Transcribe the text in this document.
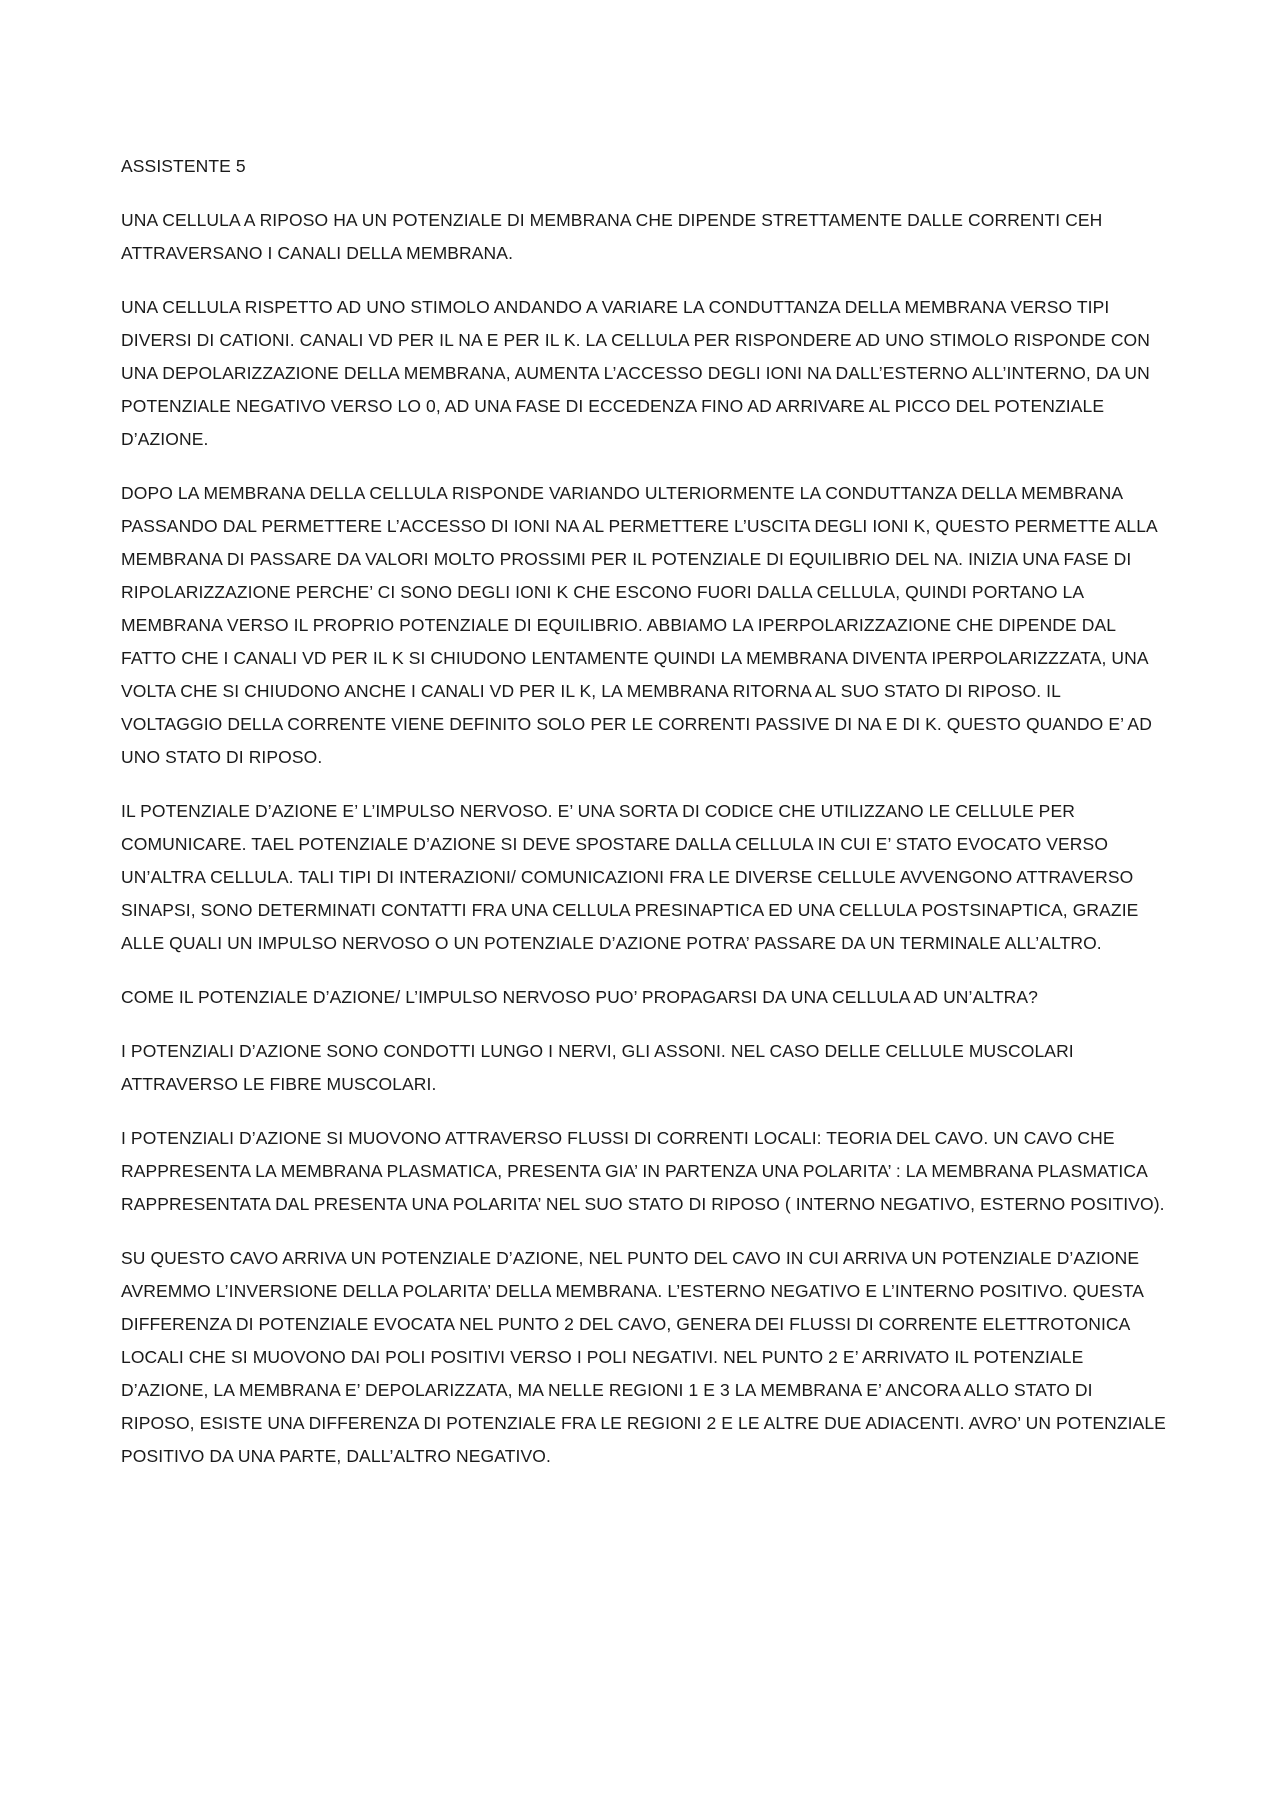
ASSISTENTE 5

UNA CELLULA A RIPOSO HA UN POTENZIALE DI MEMBRANA CHE DIPENDE STRETTAMENTE DALLE CORRENTI CEH ATTRAVERSANO I CANALI DELLA MEMBRANA.

UNA CELLULA RISPETTO AD UNO STIMOLO ANDANDO A VARIARE LA CONDUTTANZA DELLA MEMBRANA VERSO TIPI DIVERSI DI CATIONI. CANALI VD PER IL NA E PER IL K. LA CELLULA PER RISPONDERE AD UNO STIMOLO RISPONDE CON UNA DEPOLARIZZAZIONE DELLA MEMBRANA, AUMENTA L’ACCESSO DEGLI IONI NA DALL’ESTERNO ALL’INTERNO, DA UN POTENZIALE NEGATIVO VERSO LO 0, AD UNA FASE DI ECCEDENZA FINO AD ARRIVARE AL PICCO DEL POTENZIALE D’AZIONE.

DOPO LA MEMBRANA DELLA CELLULA RISPONDE VARIANDO ULTERIORMENTE LA CONDUTTANZA DELLA MEMBRANA PASSANDO DAL PERMETTERE L’ACCESSO DI IONI NA AL PERMETTERE L’USCITA DEGLI IONI K, QUESTO PERMETTE ALLA MEMBRANA DI PASSARE DA VALORI MOLTO PROSSIMI PER IL POTENZIALE DI EQUILIBRIO DEL NA. INIZIA UNA FASE DI RIPOLARIZZAZIONE PERCHE’ CI SONO DEGLI IONI K CHE ESCONO FUORI DALLA CELLULA, QUINDI PORTANO LA MEMBRANA VERSO IL PROPRIO POTENZIALE DI EQUILIBRIO. ABBIAMO LA IPERPOLARIZZAZIONE CHE DIPENDE DAL FATTO CHE I CANALI VD PER IL K SI CHIUDONO LENTAMENTE QUINDI LA MEMBRANA DIVENTA IPERPOLARIZZZATA, UNA VOLTA CHE SI CHIUDONO ANCHE I CANALI VD PER IL K, LA MEMBRANA RITORNA AL SUO STATO DI RIPOSO. IL VOLTAGGIO DELLA CORRENTE VIENE DEFINITO SOLO PER LE CORRENTI PASSIVE DI NA E DI K. QUESTO QUANDO E’ AD UNO STATO DI RIPOSO.

IL POTENZIALE D’AZIONE E’ L’IMPULSO NERVOSO. E’ UNA SORTA DI CODICE CHE UTILIZZANO LE CELLULE PER COMUNICARE. TAEL POTENZIALE D’AZIONE SI DEVE SPOSTARE DALLA CELLULA IN CUI E’ STATO EVOCATO VERSO UN’ALTRA CELLULA. TALI TIPI DI INTERAZIONI/ COMUNICAZIONI FRA LE DIVERSE CELLULE AVVENGONO ATTRAVERSO SINAPSI, SONO DETERMINATI CONTATTI FRA UNA CELLULA PRESINAPTICA ED UNA CELLULA POSTSINAPTICA, GRAZIE ALLE QUALI UN IMPULSO NERVOSO O UN POTENZIALE D’AZIONE POTRA’ PASSARE DA UN TERMINALE ALL’ALTRO.

COME IL POTENZIALE D’AZIONE/ L’IMPULSO NERVOSO PUO’ PROPAGARSI DA UNA CELLULA AD UN’ALTRA?

I POTENZIALI D’AZIONE SONO CONDOTTI LUNGO I NERVI, GLI ASSONI. NEL CASO DELLE CELLULE MUSCOLARI ATTRAVERSO LE FIBRE MUSCOLARI.

I POTENZIALI D’AZIONE SI MUOVONO ATTRAVERSO FLUSSI DI CORRENTI LOCALI: TEORIA DEL CAVO. UN CAVO CHE RAPPRESENTA LA MEMBRANA PLASMATICA, PRESENTA GIA’ IN PARTENZA UNA POLARITA’ : LA MEMBRANA PLASMATICA RAPPRESENTATA DAL PRESENTA UNA POLARITA’ NEL SUO STATO DI RIPOSO ( INTERNO NEGATIVO, ESTERNO POSITIVO).

SU QUESTO CAVO ARRIVA UN POTENZIALE D’AZIONE, NEL PUNTO DEL CAVO IN CUI ARRIVA UN POTENZIALE D’AZIONE AVREMMO L’INVERSIONE DELLA POLARITA’ DELLA MEMBRANA. L’ESTERNO NEGATIVO E L’INTERNO POSITIVO. QUESTA DIFFERENZA DI POTENZIALE EVOCATA NEL PUNTO 2 DEL CAVO, GENERA DEI FLUSSI DI CORRENTE ELETTROTONICA LOCALI CHE SI MUOVONO DAI POLI POSITIVI VERSO I POLI NEGATIVI. NEL PUNTO 2 E’ ARRIVATO IL POTENZIALE D’AZIONE, LA MEMBRANA E’ DEPOLARIZZATA, MA NELLE REGIONI 1 E 3 LA MEMBRANA E’ ANCORA ALLO STATO DI RIPOSO, ESISTE UNA DIFFERENZA DI POTENZIALE FRA LE REGIONI 2 E LE ALTRE DUE ADIACENTI. AVRO’ UN POTENZIALE POSITIVO DA UNA PARTE, DALL’ALTRO NEGATIVO.
